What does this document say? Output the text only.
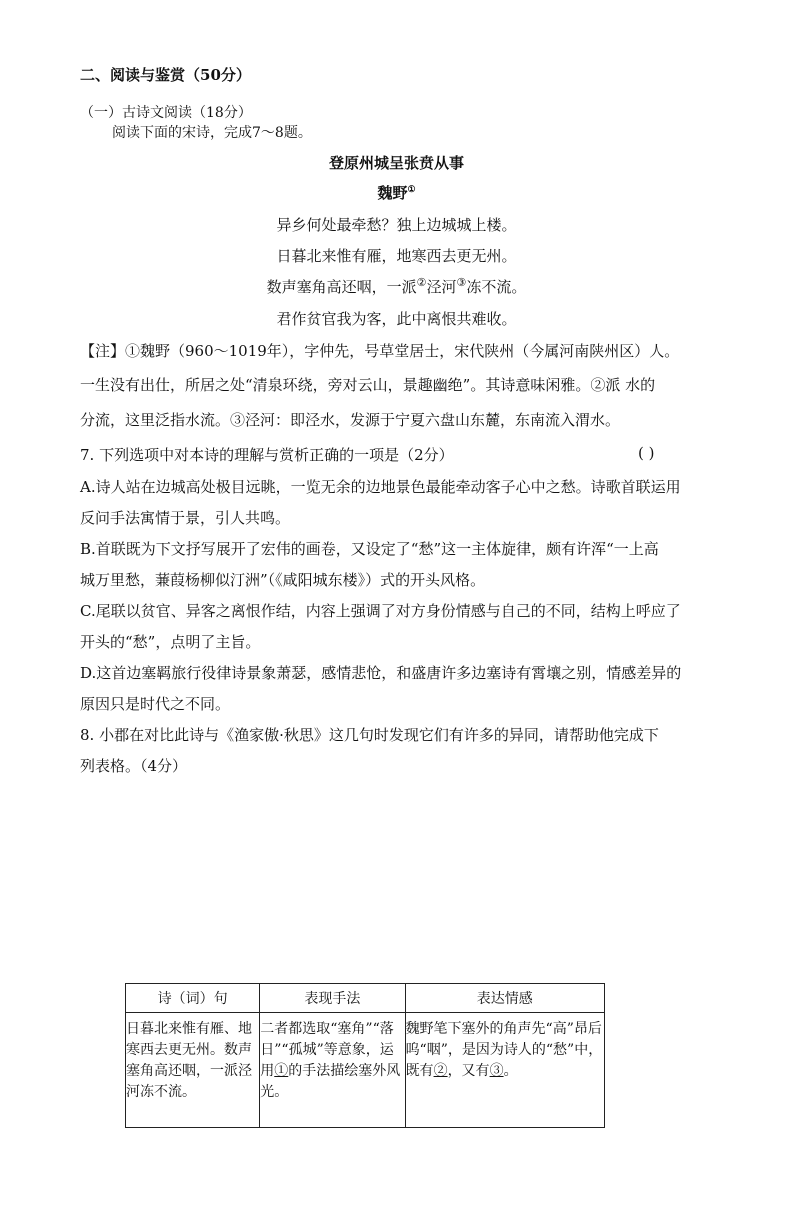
二、阅读与鉴赏（50分）
（一）古诗文阅读（18分）
阅读下面的宋诗，完成7～8题。
登原州城呈张贲从事
魏野①
异乡何处最牵愁？独上边城城上楼。
日暮北来惟有雁，地寒西去更无州。
数声塞角高还咽，一派②泾河③冻不流。
君作贫官我为客，此中离恨共难收。
【注】①魏野（960～1019年），字仲先，号草堂居士，宋代陕州（今属河南陕州区）人。
一生没有出仕，所居之处“清泉环绕，旁对云山，景趣幽绝”。其诗意味闲雅。②派 水的
分流，这里泛指水流。③泾河：即泾水，发源于宁夏六盘山东麓，东南流入渭水。
7. 下列选项中对本诗的理解与赏析正确的一项是（2分）	( )
A.诗人站在边城高处极目远眺，一览无余的边地景色最能牵动客子心中之愁。诗歌首联运用
反问手法寓情于景，引人共鸣。
B.首联既为下文抒写展开了宏伟的画卷，又设定了“愁”这一主体旋律，颇有许浑“一上高
城万里愁，蒹葭杨柳似汀洲”（《咸阳城东楼》）式的开头风格。
C.尾联以贫官、异客之离恨作结，内容上强调了对方身份情感与自己的不同，结构上呼应了
开头的“愁”，点明了主旨。
D.这首边塞羁旅行役律诗景象萧瑟，感情悲怆，和盛唐许多边塞诗有霄壤之别，情感差异的
原因只是时代之不同。
8. 小郡在对比此诗与《渔家傲·秋思》这几句时发现它们有许多的异同，请帮助他完成下
列表格。（4分）
诗（词）句	表现手法	表达情感
日暮北来惟有雁、地寒西去更无州。数声塞角高还咽，一派泾河冻不流。	二者都选取“塞角”“落日”“孤城”等意象，运用①的手法描绘塞外风光。	魏野笔下塞外的角声先“高”昂后呜“咽”，是因为诗人的“愁”中，既有②，又有③。
